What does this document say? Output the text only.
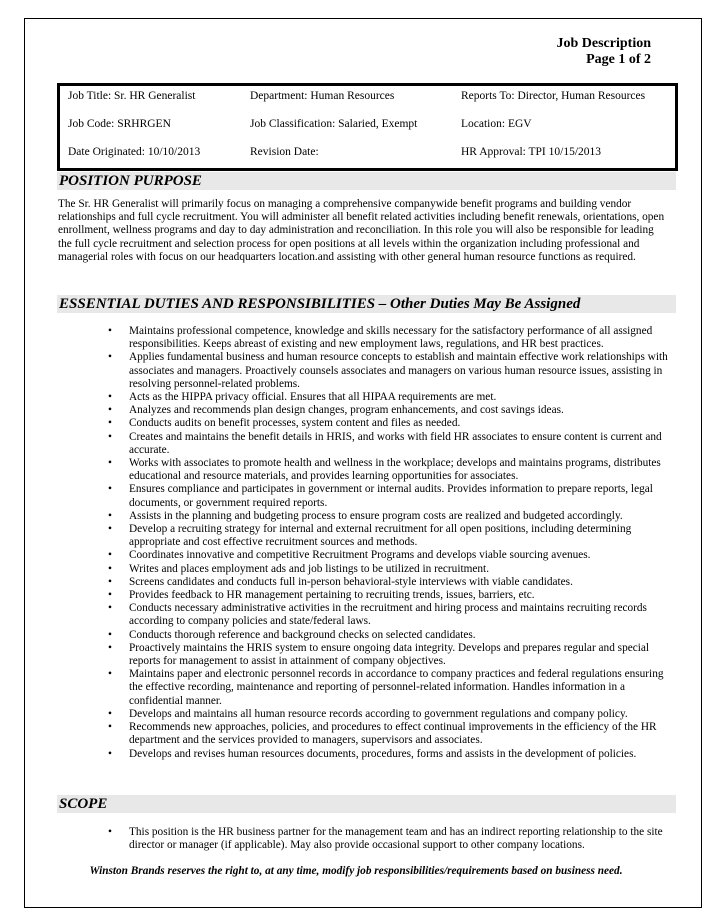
Job Description
Page 1 of 2
Job Title: Sr. HR Generalist	Department: Human Resources	Reports To: Director, Human Resources
Job Code: SRHRGEN	Job Classification: Salaried, Exempt	Location: EGV
Date Originated: 10/10/2013	Revision Date:	HR Approval: TPI 10/15/2013
POSITION PURPOSE
The Sr. HR Generalist will primarily focus on managing a comprehensive companywide benefit programs and building vendor relationships and full cycle recruitment. You will administer all benefit related activities including benefit renewals, orientations, open enrollment, wellness programs and day to day administration and reconciliation. In this role you will also be responsible for leading the full cycle recruitment and selection process for open positions at all levels within the organization including professional and managerial roles with focus on our headquarters location.and assisting with other general human resource functions as required.
ESSENTIAL DUTIES AND RESPONSIBILITIES – Other Duties May Be Assigned
• Maintains professional competence, knowledge and skills necessary for the satisfactory performance of all assigned responsibilities. Keeps abreast of existing and new employment laws, regulations, and HR best practices.
• Applies fundamental business and human resource concepts to establish and maintain effective work relationships with associates and managers. Proactively counsels associates and managers on various human resource issues, assisting in resolving personnel-related problems.
• Acts as the HIPPA privacy official. Ensures that all HIPAA requirements are met.
• Analyzes and recommends plan design changes, program enhancements, and cost savings ideas.
• Conducts audits on benefit processes, system content and files as needed.
• Creates and maintains the benefit details in HRIS, and works with field HR associates to ensure content is current and accurate.
• Works with associates to promote health and wellness in the workplace; develops and maintains programs, distributes educational and resource materials, and provides learning opportunities for associates.
• Ensures compliance and participates in government or internal audits. Provides information to prepare reports, legal documents, or government required reports.
• Assists in the planning and budgeting process to ensure program costs are realized and budgeted accordingly.
• Develop a recruiting strategy for internal and external recruitment for all open positions, including determining appropriate and cost effective recruitment sources and methods.
• Coordinates innovative and competitive Recruitment Programs and develops viable sourcing avenues.
• Writes and places employment ads and job listings to be utilized in recruitment.
• Screens candidates and conducts full in-person behavioral-style interviews with viable candidates.
• Provides feedback to HR management pertaining to recruiting trends, issues, barriers, etc.
• Conducts necessary administrative activities in the recruitment and hiring process and maintains recruiting records according to company policies and state/federal laws.
• Conducts thorough reference and background checks on selected candidates.
• Proactively maintains the HRIS system to ensure ongoing data integrity. Develops and prepares regular and special reports for management to assist in attainment of company objectives.
• Maintains paper and electronic personnel records in accordance to company practices and federal regulations ensuring the effective recording, maintenance and reporting of personnel-related information. Handles information in a confidential manner.
• Develops and maintains all human resource records according to government regulations and company policy.
• Recommends new approaches, policies, and procedures to effect continual improvements in the efficiency of the HR department and the services provided to managers, supervisors and associates.
• Develops and revises human resources documents, procedures, forms and assists in the development of policies.
SCOPE
• This position is the HR business partner for the management team and has an indirect reporting relationship to the site director or manager (if applicable). May also provide occasional support to other company locations.
Winston Brands reserves the right to, at any time, modify job responsibilities/requirements based on business need.
